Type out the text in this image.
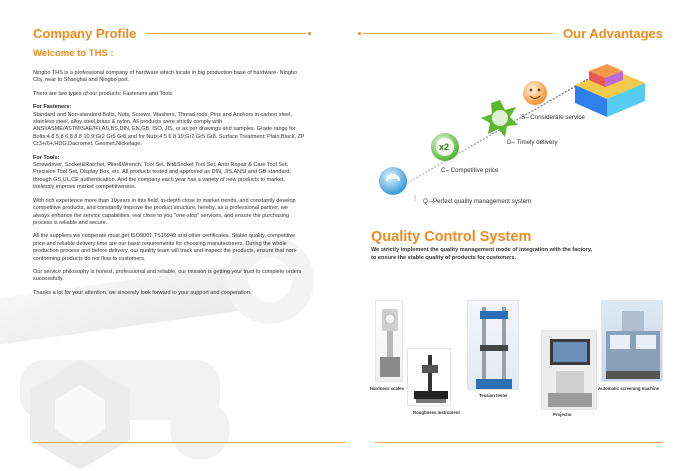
Company Profile
Welcome to THS :

Ningbo THS is a professional company of hardware which locate in big production base of hardware- Ningbo City, near to Shanghai and Ningbo port.

There are two types of our products: Fasteners and Tools

For Fasteners:

Standard and Non-standard Bolts, Nuts, Screws, Washers, Thread rods, Pins and Anchors in carbon steel, stainless steel, alloy steel,brass & nylon. All products were strictly comply with ANSI/ASME/ASTM/SAE/IFI,AS,BS,DIN, EN,GB, ISO, JIS, or as per drawings and samples. Grade range for Bolts:4.8 5.8 6.8 8.8 10.9;Gr2 Gr5 Gr8,and for Nuts:4 5 6 8 10;Gr2 Gr5 Gr8. Surface Treatment: Plain,Black, ZP Cr3+/6+,HDG,Dacromet, Geomet,Nickelage.

For Tools:

Screwdriver, Socket&Ratchet, Plier&Wrench, Tool Set, Bit&Socket Tool Set, Anto Repair & Care Tool Set, Precision Tool Set, Display Box, etc. All products tested and approved as DIN, JIS,ANSI and GB standard, through GS,UL,CE authentication. And the company each year has a variety of new products to market, tirelessly improve market competitiveness.

With rich experience more than 10years in this field, in-depth close to market trends, and constantly develop competitive products, and constantly improve the product structure, hereby, as a professional partner, we always enhance the service capabilities, real close to you "one-stop" services, and ensure the purchasing process is reliable and secure.

All the suppliers we cooperate must get ISO9001,TS16949 and other certificates. Stable quality, competitive price and reliable delivery time are our basic requirements for choosing manufacturers. During the whole production process and before delivery, our quality team will track and inspect the products, ensure that non-conforming products do not flow to customers.

Our service philosophy is honest, professional and reliable, our mission is getting your trust to complete orders successfully.

Thanks a lot for your attention, we sincerely look forward to your support and cooperation.

Our Advantages
x2
S– Considerate service
D– Timely delivery
C– Competitive price
Q –Perfect quality management system
Quality Control System
We strictly implement the quality management mode of integration with the factory,
to ensure the stable quality of products for customers.
Hardness scales
Roughness instrument
Tession tester
Projector
Automatic screening machine
